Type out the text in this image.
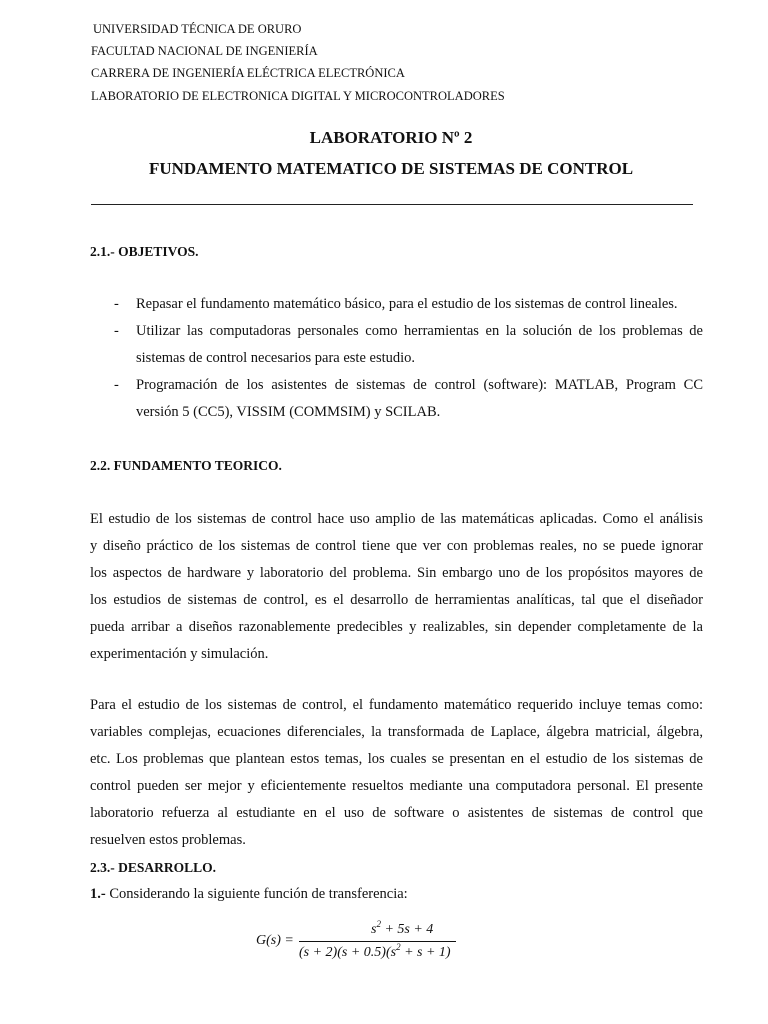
UNIVERSIDAD TÉCNICA DE ORURO
FACULTAD NACIONAL DE INGENIERÍA
CARRERA DE INGENIERÍA ELÉCTRICA ELECTRÓNICA
LABORATORIO DE ELECTRONICA DIGITAL Y MICROCONTROLADORES
LABORATORIO Nº 2
FUNDAMENTO MATEMATICO DE SISTEMAS DE CONTROL
2.1.- OBJETIVOS.
- Repasar el fundamento matemático básico, para el estudio de los sistemas de control lineales.
- Utilizar las computadoras personales como herramientas en la solución de los problemas de
sistemas de control necesarios para este estudio.
- Programación de los asistentes de sistemas de control (software): MATLAB, Program CC
versión 5 (CC5), VISSIM (COMMSIM) y SCILAB.
2.2. FUNDAMENTO TEORICO.
El estudio de los sistemas de control hace uso amplio de las matemáticas aplicadas. Como el análisis
y diseño práctico de los sistemas de control tiene que ver con problemas reales, no se puede ignorar
los aspectos de hardware y laboratorio del problema. Sin embargo uno de los propósitos mayores de
los estudios de sistemas de control, es el desarrollo de herramientas analíticas, tal que el diseñador
pueda arribar a diseños razonablemente predecibles y realizables, sin depender completamente de la
experimentación y simulación.
Para el estudio de los sistemas de control, el fundamento matemático requerido incluye temas como:
variables complejas, ecuaciones diferenciales, la transformada de Laplace, álgebra matricial, álgebra,
etc. Los problemas que plantean estos temas, los cuales se presentan en el estudio de los sistemas de
control pueden ser mejor y eficientemente resueltos mediante una computadora personal. El presente
laboratorio refuerza al estudiante en el uso de software o asistentes de sistemas de control que
resuelven estos problemas.
2.3.- DESARROLLO.
1.- Considerando la siguiente función de transferencia:
G(s) =
$s^2 + 5s + 4$
$(s + 2)(s + 0.5)(s^2 + s + 1)$
